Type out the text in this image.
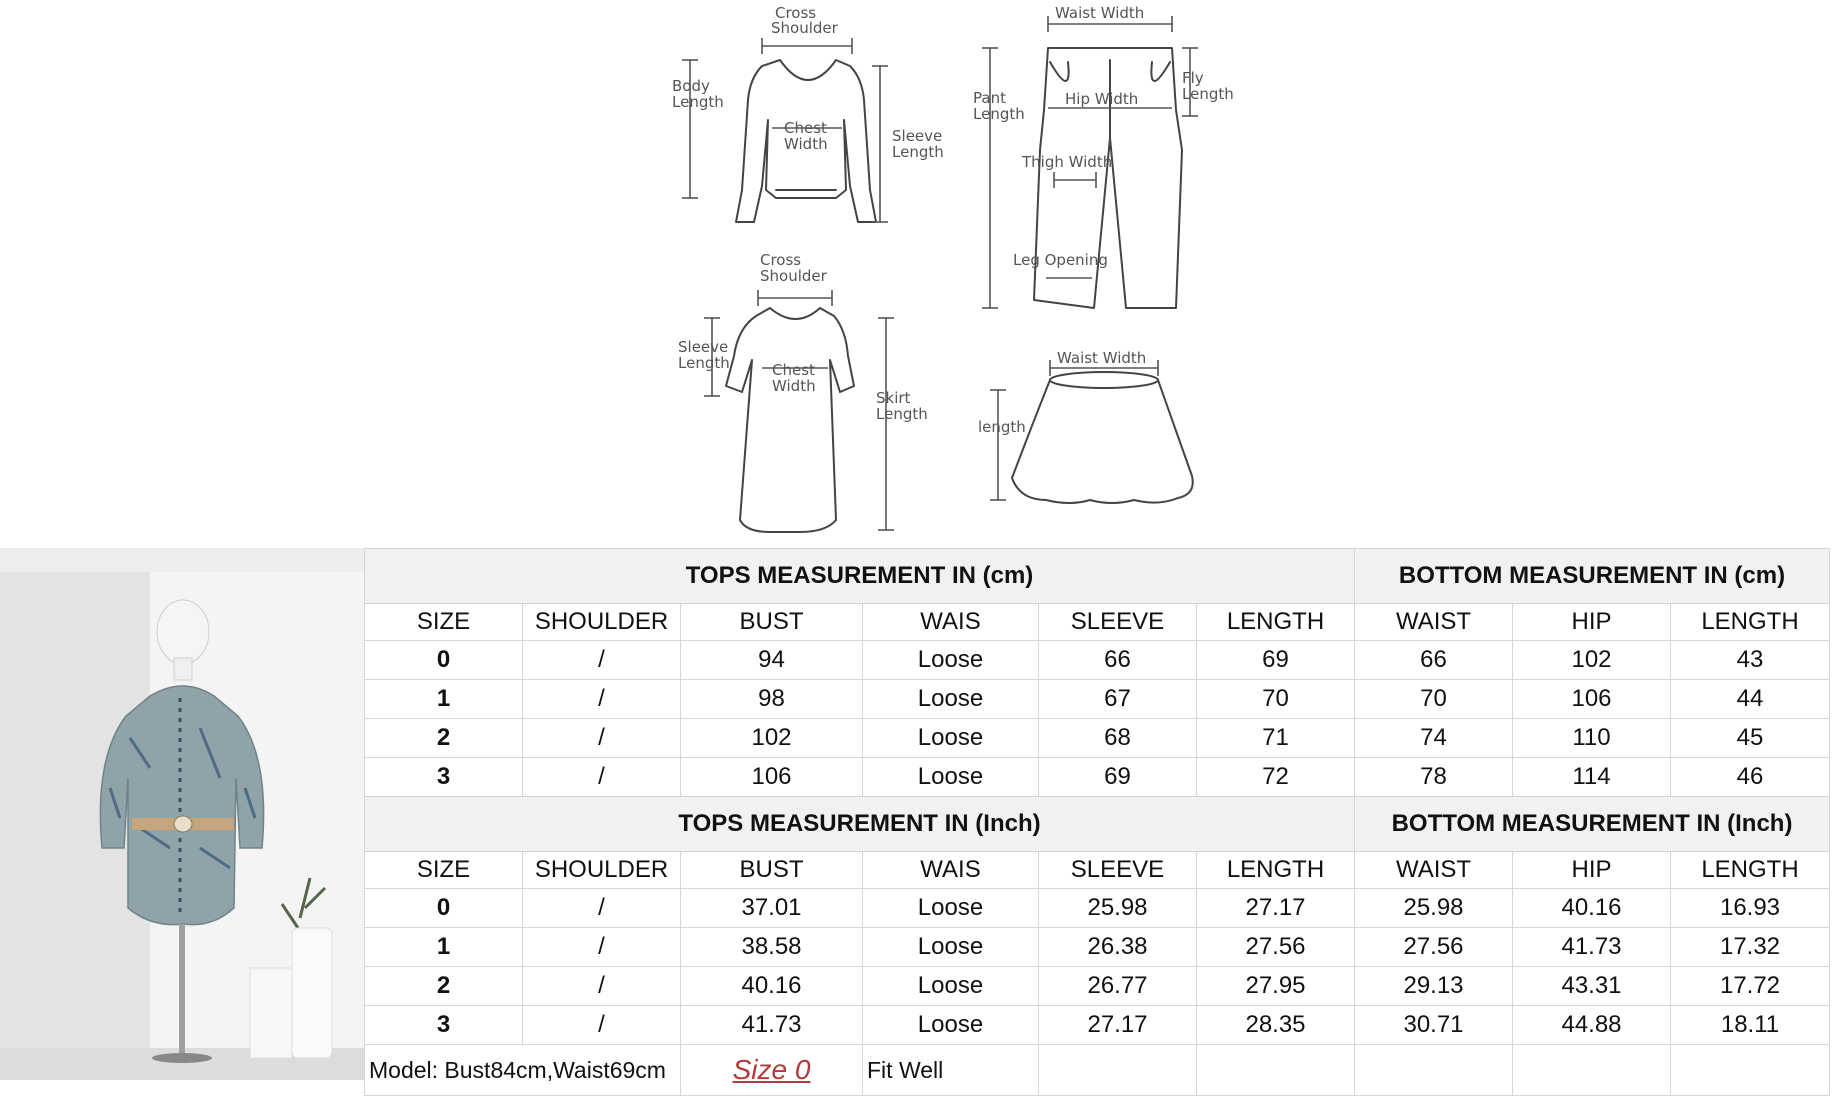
Cross
Shoulder
Body
Length
Chest
Width	Sleeve
Length
Waist Width
Pant
Length
Hip Width
Fly
Length
Thigh Width
Leg Opening
Cross
Shoulder
Sleeve
Length	Chest
Width
Skirt
Length
Waist Width
length
TOPS MEASUREMENT IN (cm)						BOTTOM MEASUREMENT IN (cm)		
SIZE	SHOULDER	BUST	WAIS	SLEEVE	LENGTH	WAIST	HIP	LENGTH
0	/	94	Loose	66	69	66	102	43
1	/	98	Loose	67	70	70	106	44
2	/	102	Loose	68	71	74	110	45
3	/	106	Loose	69	72	78	114	46
TOPS MEASUREMENT IN (Inch)						BOTTOM MEASUREMENT IN (Inch)		
SIZE	SHOULDER	BUST	WAIS	SLEEVE	LENGTH	WAIST	HIP	LENGTH
0	/	37.01	Loose	25.98	27.17	25.98	40.16	16.93
1	/	38.58	Loose	26.38	27.56	27.56	41.73	17.32
2	/	40.16	Loose	26.77	27.95	29.13	43.31	17.72
3	/	41.73	Loose	27.17	28.35	30.71	44.88	18.11
Model: Bust84cm,Waist69cm		Size 0	Fit Well					
